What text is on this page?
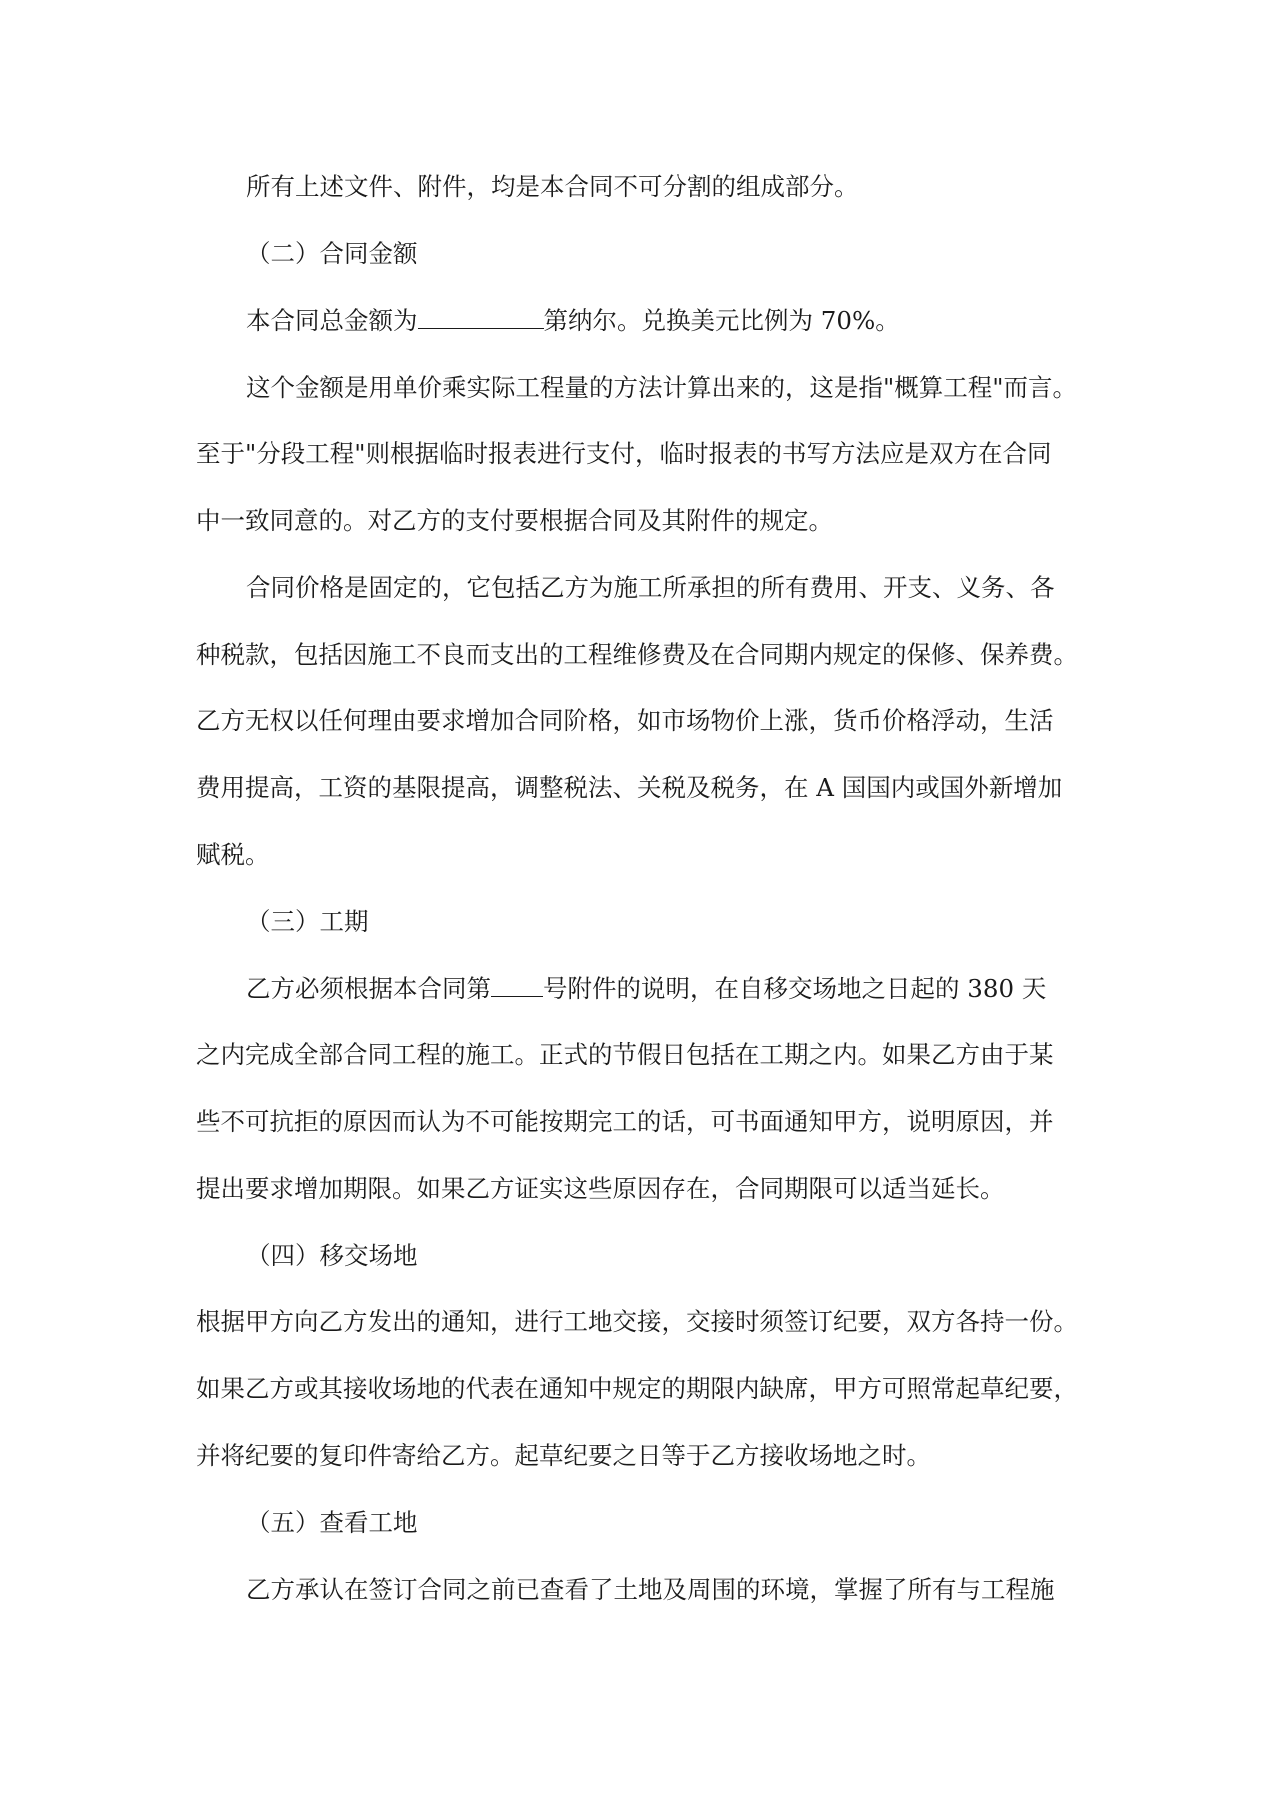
所有上述文件、附件，均是本合同不可分割的组成部分。
（二）合同金额
本合同总金额为	第纳尔。兑换美元比例为 70%。
这个金额是用单价乘实际工程量的方法计算出来的，这是指"概算工程"而言。
至于"分段工程"则根据临时报表进行支付，临时报表的书写方法应是双方在合同
中一致同意的。对乙方的支付要根据合同及其附件的规定。
合同价格是固定的，它包括乙方为施工所承担的所有费用、开支、义务、各
种税款，包括因施工不良而支出的工程维修费及在合同期内规定的保修、保养费。
乙方无权以任何理由要求增加合同阶格，如市场物价上涨，货币价格浮动，生活
费用提高，工资的基限提高，调整税法、关税及税务，在 A 国国内或国外新增加
赋税。
（三）工期
乙方必须根据本合同第 号附件的说明，在自移交场地之日起的 380 天
之内完成全部合同工程的施工。正式的节假日包括在工期之内。如果乙方由于某
些不可抗拒的原因而认为不可能按期完工的话，可书面通知甲方，说明原因，并
提出要求增加期限。如果乙方证实这些原因存在，合同期限可以适当延长。
（四）移交场地
根据甲方向乙方发出的通知，进行工地交接，交接时须签订纪要，双方各持一份。
如果乙方或其接收场地的代表在通知中规定的期限内缺席，甲方可照常起草纪要，
并将纪要的复印件寄给乙方。起草纪要之日等于乙方接收场地之时。
（五）查看工地
乙方承认在签订合同之前已查看了土地及周围的环境，掌握了所有与工程施
